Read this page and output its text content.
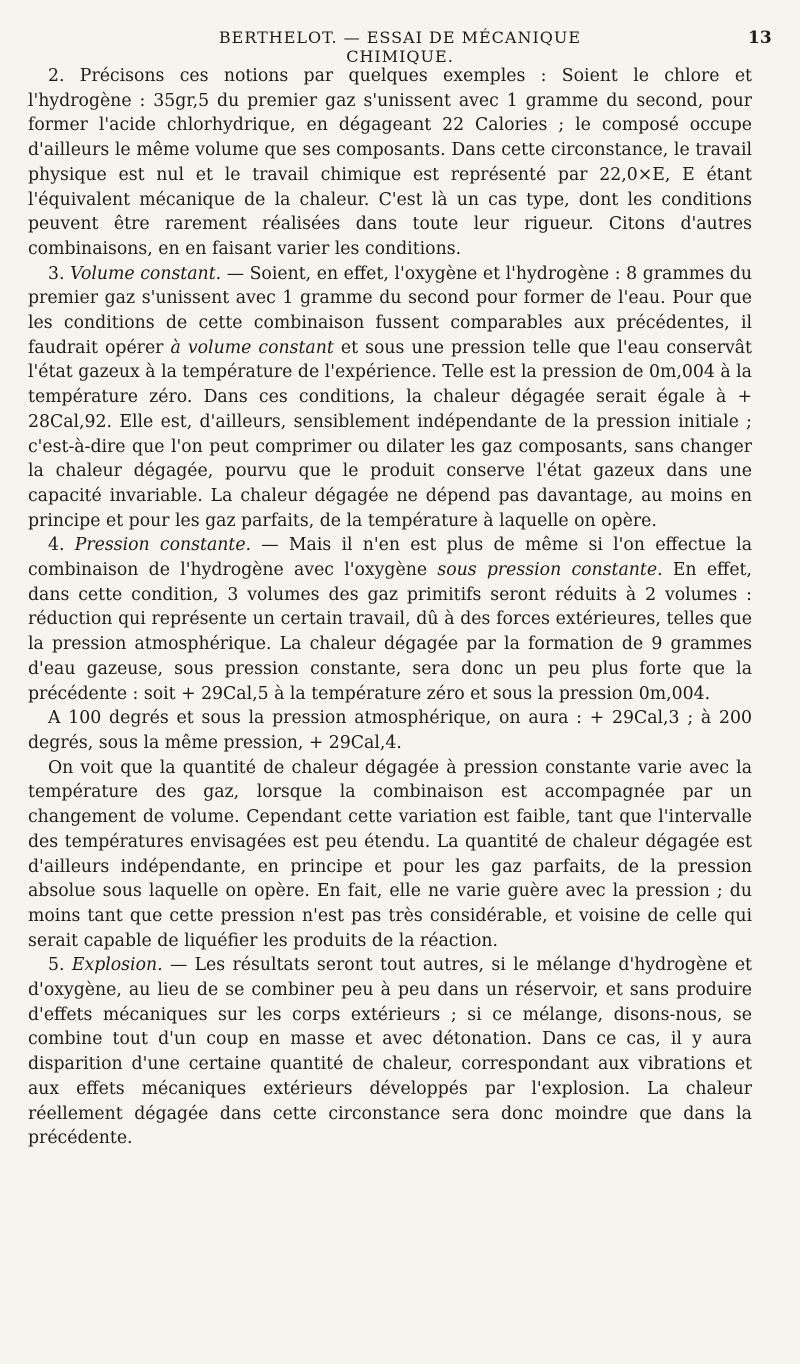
BERTHELOT. — ESSAI DE MÉCANIQUE CHIMIQUE.
13

2. Précisons ces notions par quelques exemples : Soient le chlore et l'hydrogène : 35gr,5 du premier gaz s'unissent avec 1 gramme du second, pour former l'acide chlorhydrique, en dégageant 22 Calories ; le composé occupe d'ailleurs le même volume que ses composants. Dans cette circonstance, le travail physique est nul et le travail chimique est représenté par 22,0×E, E étant l'équivalent mécanique de la chaleur. C'est là un cas type, dont les conditions peuvent être rarement réalisées dans toute leur rigueur. Citons d'autres combinaisons, en en faisant varier les conditions.

3. Volume constant. — Soient, en effet, l'oxygène et l'hydrogène : 8 grammes du premier gaz s'unissent avec 1 gramme du second pour former de l'eau. Pour que les conditions de cette combinaison fussent comparables aux précédentes, il faudrait opérer à volume constant et sous une pression telle que l'eau conservât l'état gazeux à la température de l'expérience. Telle est la pression de 0m,004 à la température zéro. Dans ces conditions, la chaleur dégagée serait égale à + 28Cal,92. Elle est, d'ailleurs, sensiblement indépendante de la pression initiale ; c'est-à-dire que l'on peut comprimer ou dilater les gaz composants, sans changer la chaleur dégagée, pourvu que le produit conserve l'état gazeux dans une capacité invariable. La chaleur dégagée ne dépend pas davantage, au moins en principe et pour les gaz parfaits, de la température à laquelle on opère.

4. Pression constante. — Mais il n'en est plus de même si l'on effectue la combinaison de l'hydrogène avec l'oxygène sous pression constante. En effet, dans cette condition, 3 volumes des gaz primitifs seront réduits à 2 volumes : réduction qui représente un certain travail, dû à des forces extérieures, telles que la pression atmosphérique. La chaleur dégagée par la formation de 9 grammes d'eau gazeuse, sous pression constante, sera donc un peu plus forte que la précédente : soit + 29Cal,5 à la température zéro et sous la pression 0m,004.

A 100 degrés et sous la pression atmosphérique, on aura : + 29Cal,3 ; à 200 degrés, sous la même pression, + 29Cal,4.

On voit que la quantité de chaleur dégagée à pression constante varie avec la température des gaz, lorsque la combinaison est accompagnée par un changement de volume. Cependant cette variation est faible, tant que l'intervalle des températures envisagées est peu étendu. La quantité de chaleur dégagée est d'ailleurs indépendante, en principe et pour les gaz parfaits, de la pression absolue sous laquelle on opère. En fait, elle ne varie guère avec la pression ; du moins tant que cette pression n'est pas très considérable, et voisine de celle qui serait capable de liquéfier les produits de la réaction.

5. Explosion. — Les résultats seront tout autres, si le mélange d'hydrogène et d'oxygène, au lieu de se combiner peu à peu dans un réservoir, et sans produire d'effets mécaniques sur les corps extérieurs ; si ce mélange, disons-nous, se combine tout d'un coup en masse et avec détonation. Dans ce cas, il y aura disparition d'une certaine quantité de chaleur, correspondant aux vibrations et aux effets mécaniques extérieurs développés par l'explosion. La chaleur réellement dégagée dans cette circonstance sera donc moindre que dans la précédente.
